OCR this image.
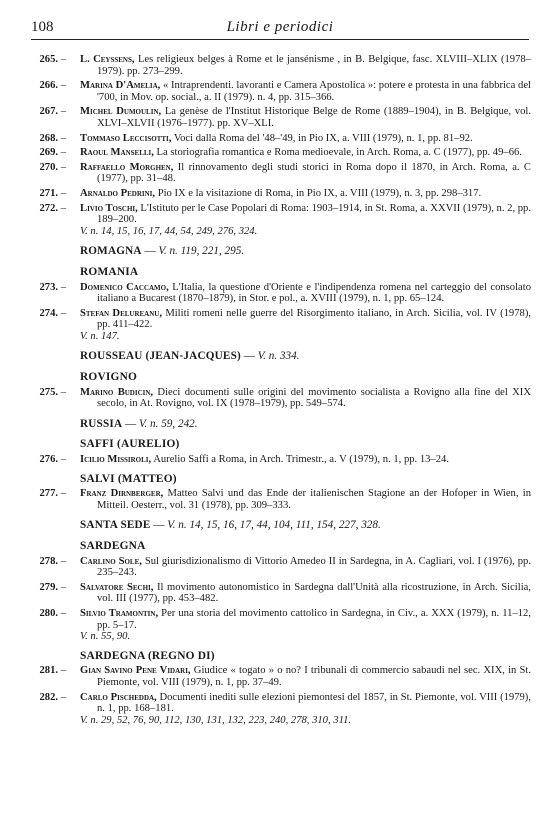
108	Libri e periodici
265. –	L. Ceyssens, Les religieux belges à Rome et le jansénisme , in B. Belgique, fasc. XLVIII–XLIX (1978–1979). pp. 273–299.
266. –	Marina D'Amelia, « Intraprendenti. lavoranti e Camera Apostolica »: potere e protesta in una fabbrica del '700, in Mov. op. social., a. II (1979). n. 4, pp. 315–366.
267. –	Michel Dumoulin, La genèse de l'Institut Historique Belge de Rome (1889–1904), in B. Belgique, vol. XLVI–XLVII (1976–1977). pp. XV–XLI.
268. –	Tommaso Leccisotti, Voci dalla Roma del '48–'49, in Pio IX, a. VIII (1979), n. 1, pp. 81–92.
269. –	Raoul Manselli, La storiografia romantica e Roma medioevale, in Arch. Roma, a. C (1977), pp. 49–66.
270. –	Raffaello Morghen, Il rinnovamento degli studi storici in Roma dopo il 1870, in Arch. Roma, a. C (1977), pp. 31–48.
271. –	Arnaldo Pedrini, Pio IX e la visitazione di Roma, in Pio IX, a. VIII (1979), n. 3, pp. 298–317.
272. –	Livio Toschi, L'Istituto per le Case Popolari di Roma: 1903–1914, in St. Roma, a. XXVII (1979), n. 2, pp. 189–200.
V. n. 14, 15, 16, 17, 44, 54, 249, 276, 324.
ROMAGNA — V. n. 119, 221, 295.
ROMANIA
273. –	Domenico Caccamo, L'Italia, la questione d'Oriente e l'indipendenza romena nel carteggio del consolato italiano a Bucarest (1870–1879), in Stor. e pol., a. XVIII (1979), n. 1, pp. 65–124.
274. –	Stefan Delureanu, Militi romeni nelle guerre del Risorgimento italiano, in Arch. Sicilia, vol. IV (1978), pp. 411–422.
V. n. 147.
ROUSSEAU (JEAN-JACQUES) — V. n. 334.
ROVIGNO
275. –	Marino Budicin, Dieci documenti sulle origini del movimento socialista a Rovigno alla fine del XIX secolo, in At. Rovigno, vol. IX (1978–1979), pp. 549–574.
RUSSIA — V. n. 59, 242.
SAFFI (AURELIO)
276. –	Icilio Missiroli, Aurelio Saffi a Roma, in Arch. Trimestr., a. V (1979), n. 1, pp. 13–24.
SALVI (MATTEO)
277. –	Franz Dirnberger, Matteo Salvi und das Ende der italienischen Stagione an der Hofoper in Wien, in Mitteil. Oesterr., vol. 31 (1978), pp. 309–333.
SANTA SEDE — V. n. 14, 15, 16, 17, 44, 104, 111, 154, 227, 328.
SARDEGNA
278. –	Carlino Sole, Sul giurisdizionalismo di Vittorio Amedeo II in Sardegna, in A. Cagliari, vol. I (1976), pp. 235–243.
279. –	Salvatore Sechi, Il movimento autonomistico in Sardegna dall'Unità alla ricostruzione, in Arch. Sicilia, vol. III (1977), pp. 453–482.
280. –	Silvio Tramontin, Per una storia del movimento cattolico in Sardegna, in Civ., a. XXX (1979), n. 11–12, pp. 5–17.
V. n. 55, 90.
SARDEGNA (REGNO DI)
281. –	Gian Savino Pene Vidari, Giudice « togato » o no? I tribunali di commercio sabaudi nel sec. XIX, in St. Piemonte, vol. VIII (1979), n. 1, pp. 37–49.
282. –	Carlo Pischedda, Documenti inediti sulle elezioni piemontesi del 1857, in St. Piemonte, vol. VIII (1979), n. 1, pp. 168–181.
V. n. 29, 52, 76, 90, 112, 130, 131, 132, 223, 240, 278, 310, 311.
